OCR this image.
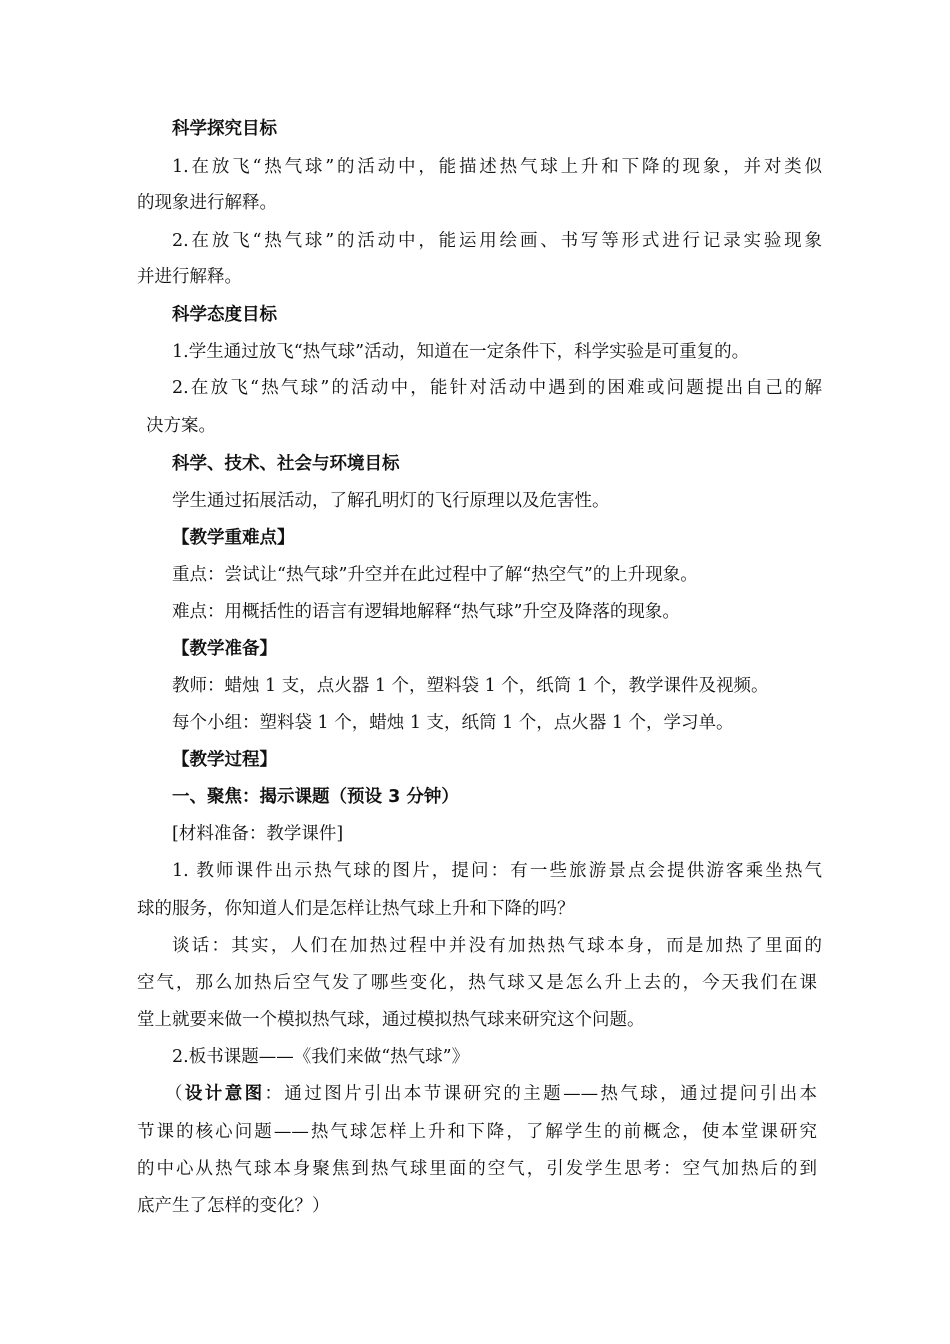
科学探究目标
1.在放飞“热气球”的活动中，能描述热气球上升和下降的现象，并对类似
的现象进行解释。
2.在放飞“热气球”的活动中，能运用绘画、书写等形式进行记录实验现象
并进行解释。
科学态度目标
1.学生通过放飞“热气球”活动，知道在一定条件下，科学实验是可重复的。
2.在放飞“热气球”的活动中，能针对活动中遇到的困难或问题提出自己的解
决方案。
科学、技术、社会与环境目标
学生通过拓展活动，了解孔明灯的飞行原理以及危害性。
【教学重难点】
重点：尝试让“热气球”升空并在此过程中了解“热空气”的上升现象。
难点：用概括性的语言有逻辑地解释“热气球”升空及降落的现象。
【教学准备】
教师：蜡烛 1 支，点火器 1 个，塑料袋 1 个，纸筒 1 个，教学课件及视频。
每个小组：塑料袋 1 个，蜡烛 1 支，纸筒 1 个，点火器 1 个，学习单。
【教学过程】
一、聚焦：揭示课题（预设 3 分钟）
[材料准备：教学课件]
1. 教师课件出示热气球的图片，提问：有一些旅游景点会提供游客乘坐热气
球的服务，你知道人们是怎样让热气球上升和下降的吗？
谈话：其实，人们在加热过程中并没有加热热气球本身，而是加热了里面的
空气，那么加热后空气发了哪些变化，热气球又是怎么升上去的，今天我们在课
堂上就要来做一个模拟热气球，通过模拟热气球来研究这个问题。
2.板书课题——《我们来做“热气球”》
（设计意图：通过图片引出本节课研究的主题——热气球，通过提问引出本
节课的核心问题——热气球怎样上升和下降，了解学生的前概念，使本堂课研究
的中心从热气球本身聚焦到热气球里面的空气，引发学生思考：空气加热后的到
底产生了怎样的变化？）
